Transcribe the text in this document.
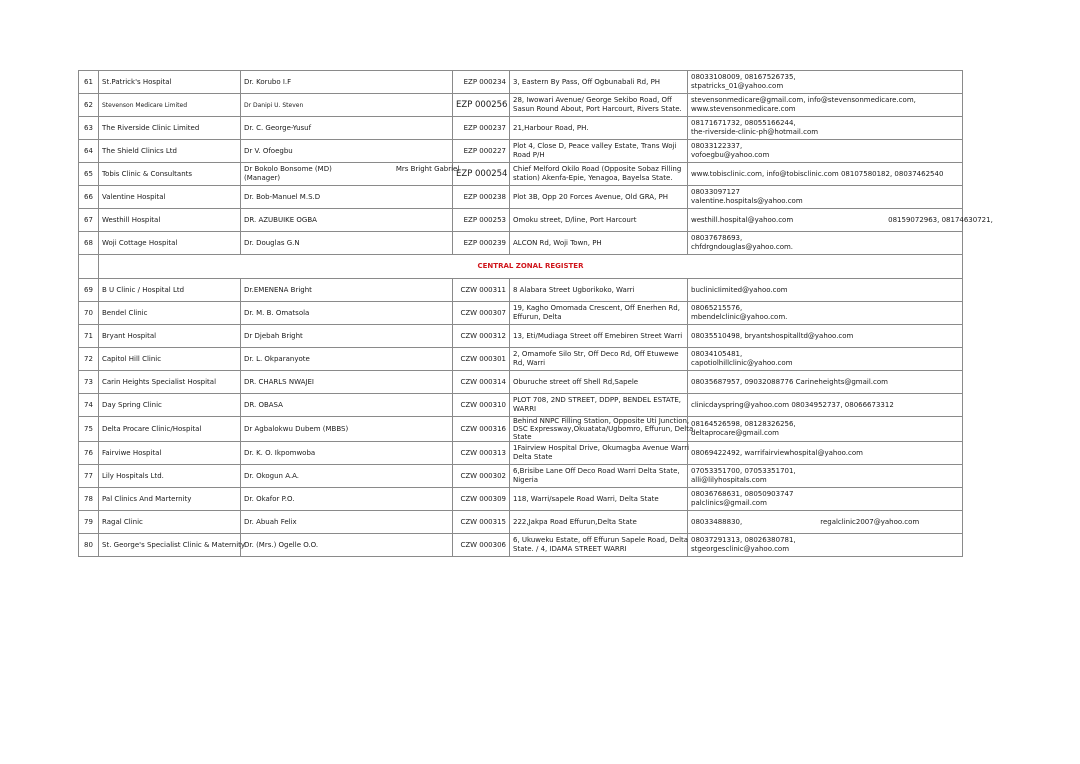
61	St.Patrick's Hospital	Dr. Korubo I.F	EZP 000234	3, Eastern By Pass, Off Ogbunabali Rd, PH	08033108009, 08167526735,
stpatricks_01@yahoo.com

62	Stevenson Medicare Limited	Dr Danipi U. Steven	EZP 000256	28, Iwowari Avenue/ George Sekibo Road, Off
Sasun Round About, Port Harcourt, Rivers State.	stevensonmedicare@gmail.com, info@stevensonmedicare.com,
www.stevensonmedicare.com

63	The Riverside Clinic Limited	Dr. C. George-Yusuf	EZP 000237	21,Harbour Road, PH.	08171671732, 08055166244,
the-riverside-clinic-ph@hotmail.com

64	The Shield Clinics Ltd	Dr V. Ofoegbu	EZP 000227	Plot 4, Close D, Peace valley Estate, Trans Woji
Road P/H	08033122337,
vofoegbu@yahoo.com

65	Tobis Clinic & Consultants	Dr Bokolo Bonsome (MD) Mrs Bright Gabriel
(Manager)	EZP 000254	Chief Melford Okilo Road (Opposite Sobaz Filling
station) Akenfa-Epie, Yenagoa, Bayelsa State.	www.tobisclinic.com, info@tobisclinic.com 08107580182, 08037462540

66	Valentine Hospital	Dr. Bob-Manuel M.S.D	EZP 000238	Plot 3B, Opp 20 Forces Avenue, Old GRA, PH	08033097127
valentine.hospitals@yahoo.com

67	Westhill Hospital	DR. AZUBUIKE OGBA	EZP 000253	Omoku street, D/line, Port Harcourt	westhill.hospital@yahoo.com 08159072963, 08174630721,
68	Woji Cottage Hospital	Dr. Douglas G.N	EZP 000239	ALCON Rd, Woji Town, PH	08037678693,
chfdrgndouglas@yahoo.com.

	CENTRAL ZONAL REGISTER				
69	B U Clinic / Hospital Ltd	Dr.EMENENA Bright	CZW 000311	8 Alabara Street Ugborikoko, Warri	buclinicIimited@yahoo.com

70	Bendel Clinic	Dr. M. B. Omatsola	CZW 000307	19, Kagho Omomada Crescent, Off Enerhen Rd,
Effurun, Delta	08065215576,
mbendelclinic@yahoo.com.

71	Bryant Hospital	Dr Djebah Bright	CZW 000312	13, Eti/Mudiaga Street off Emebiren Street Warri	08035510498, bryantshospitalltd@yahoo.com

72	Capitol Hill Clinic	Dr. L. Okparanyote	CZW 000301	2, Omamofe Silo Str, Off Deco Rd, Off Etuwewe
Rd, Warri	08034105481,
capotiolhillclinic@yahoo.com

73	Carin Heights Specialist Hospital	DR. CHARLS NWAJEI	CZW 000314	Oburuche street off Shell Rd,Sapele	08035687957, 09032088776 Carineheights@gmail.com

74	Day Spring Clinic	DR. OBASA	CZW 000310	PLOT 708, 2ND STREET, DDPP, BENDEL ESTATE,
WARRI	clinicdayspring@yahoo.com 08034952737, 08066673312

75	Delta Procare Clinic/Hospital	Dr Agbalokwu Dubem (MBBS)	CZW 000316	Behind NNPC Filling Station, Opposite Uti Junction,
DSC Expressway,Okuatata/Ugbomro, Effurun, Delta
State	08164526598, 08128326256,
deltaprocare@gmail.com

76	Fairviwe Hospital	Dr. K. O. Ikpomwoba	CZW 000313	1Fairview Hospital Drive, Okumagba Avenue Warri
Delta State	08069422492, warrifairviewhospital@yahoo.com

77	Lily Hospitals Ltd.	Dr. Okogun A.A.	CZW 000302	6,Brisibe Lane Off Deco Road Warri Delta State,
Nigeria	07053351700, 07053351701,
alli@lilyhospitals.com

78	Pal Clinics And Marternity	Dr. Okafor P.O.	CZW 000309	118, Warri/sapele Road Warri, Delta State	08036768631, 08050903747
palclinics@gmail.com

79	Ragal Clinic	Dr. Abuah Felix	CZW 000315	222,Jakpa Road Effurun,Delta State	08033488830, regalclinic2007@yahoo.com
80	St. George's Specialist Clinic & Maternity	Dr. (Mrs.) Ogelle O.O.	CZW 000306	6, Ukuweku Estate, off Effurun Sapele Road, Delta
State. / 4, IDAMA STREET WARRI	08037291313, 08026380781,
stgeorgesclinic@yahoo.com
